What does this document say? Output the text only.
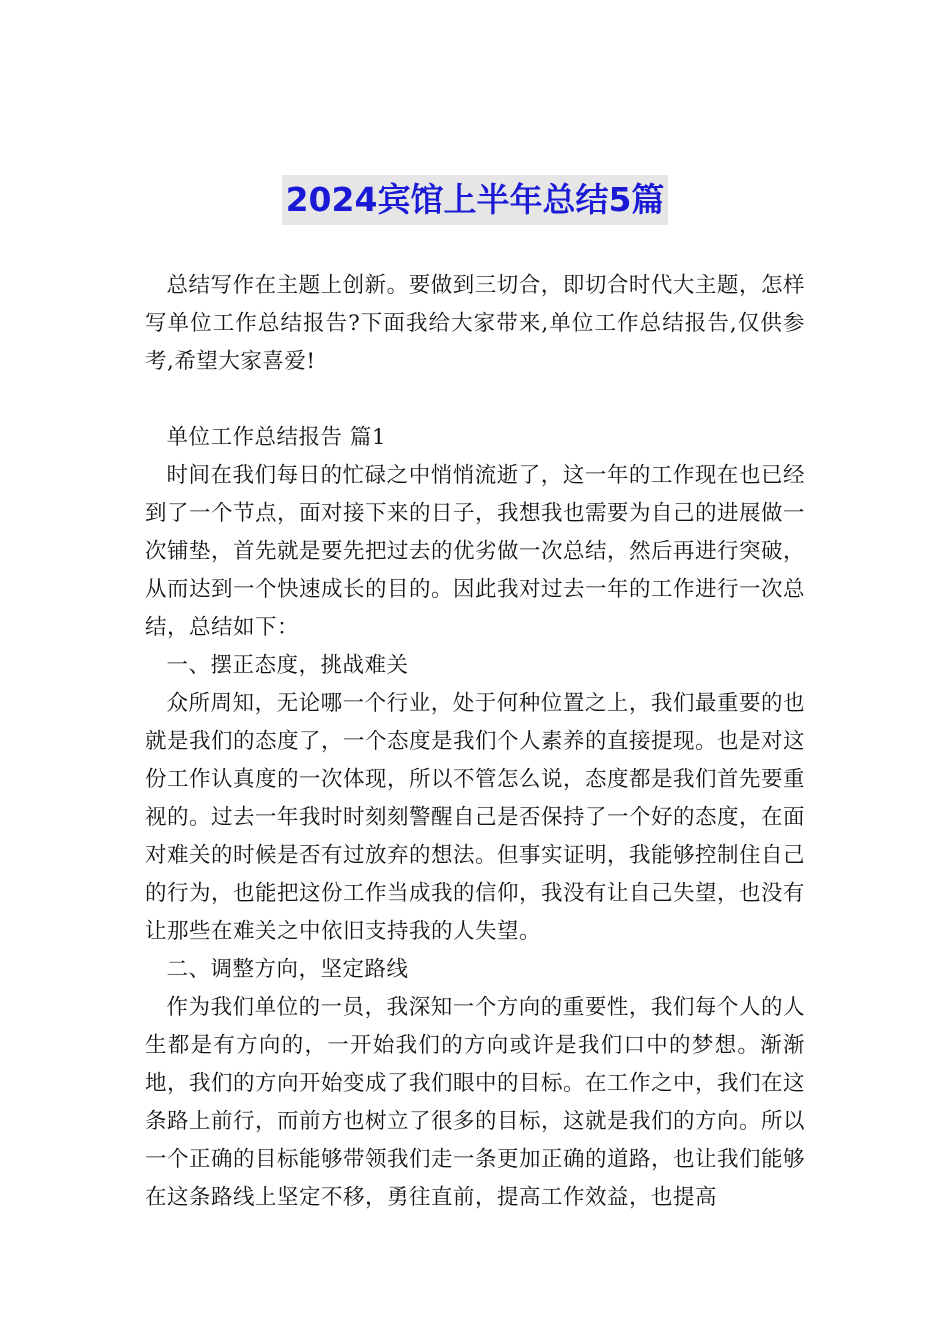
2024宾馆上半年总结5篇

总结写作在主题上创新。要做到三切合，即切合时代大主题，怎样写单位工作总结报告?下面我给大家带来,单位工作总结报告,仅供参考,希望大家喜爱!

单位工作总结报告 篇1

时间在我们每日的忙碌之中悄悄流逝了，这一年的工作现在也已经到了一个节点，面对接下来的日子，我想我也需要为自己的进展做一次铺垫，首先就是要先把过去的优劣做一次总结，然后再进行突破，从而达到一个快速成长的目的。因此我对过去一年的工作进行一次总结，总结如下：

一、摆正态度，挑战难关

众所周知，无论哪一个行业，处于何种位置之上，我们最重要的也就是我们的态度了，一个态度是我们个人素养的直接提现。也是对这份工作认真度的一次体现，所以不管怎么说，态度都是我们首先要重视的。过去一年我时时刻刻警醒自己是否保持了一个好的态度，在面对难关的时候是否有过放弃的想法。但事实证明，我能够控制住自己的行为，也能把这份工作当成我的信仰，我没有让自己失望，也没有让那些在难关之中依旧支持我的人失望。

二、调整方向，坚定路线

作为我们单位的一员，我深知一个方向的重要性，我们每个人的人生都是有方向的，一开始我们的方向或许是我们口中的梦想。渐渐地，我们的方向开始变成了我们眼中的目标。在工作之中，我们在这条路上前行，而前方也树立了很多的目标，这就是我们的方向。所以一个正确的目标能够带领我们走一条更加正确的道路，也让我们能够在这条路线上坚定不移，勇往直前，提高工作效益，也提高
